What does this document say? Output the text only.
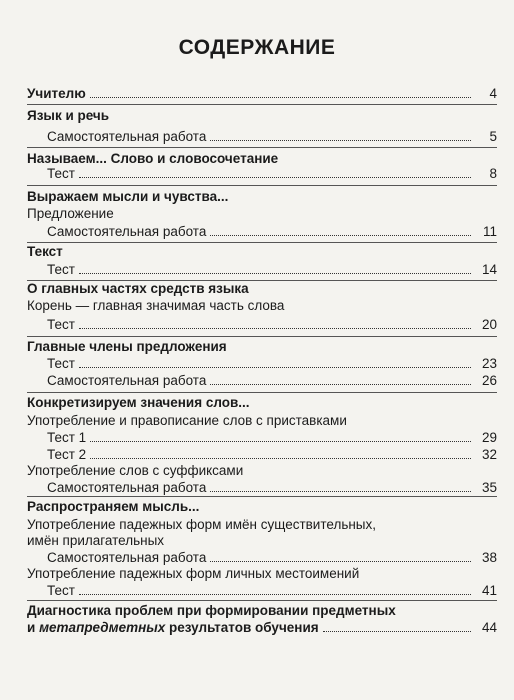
СОДЕРЖАНИЕ
Учителю	4
Язык и речь
Самостоятельная работа	5
Называем... Слово и словосочетание
Тест	8
Выражаем мысли и чувства...
Предложение
Самостоятельная работа	11
Текст
Тест	14
О главных частях средств языка
Корень — главная значимая часть слова
Тест	20
Главные члены предложения
Тест	23
Самостоятельная работа	26
Конкретизируем значения слов...
Употребление и правописание слов с приставками
Тест 1	29
Тест 2	32
Употребление слов с суффиксами
Самостоятельная работа	35
Распространяем мысль...
Употребление падежных форм имён существительных,
имён прилагательных
Самостоятельная работа	38
Употребление падежных форм личных местоимений
Тест	41
Диагностика проблем при формировании предметных
и метапредметных результатов обучения	44
